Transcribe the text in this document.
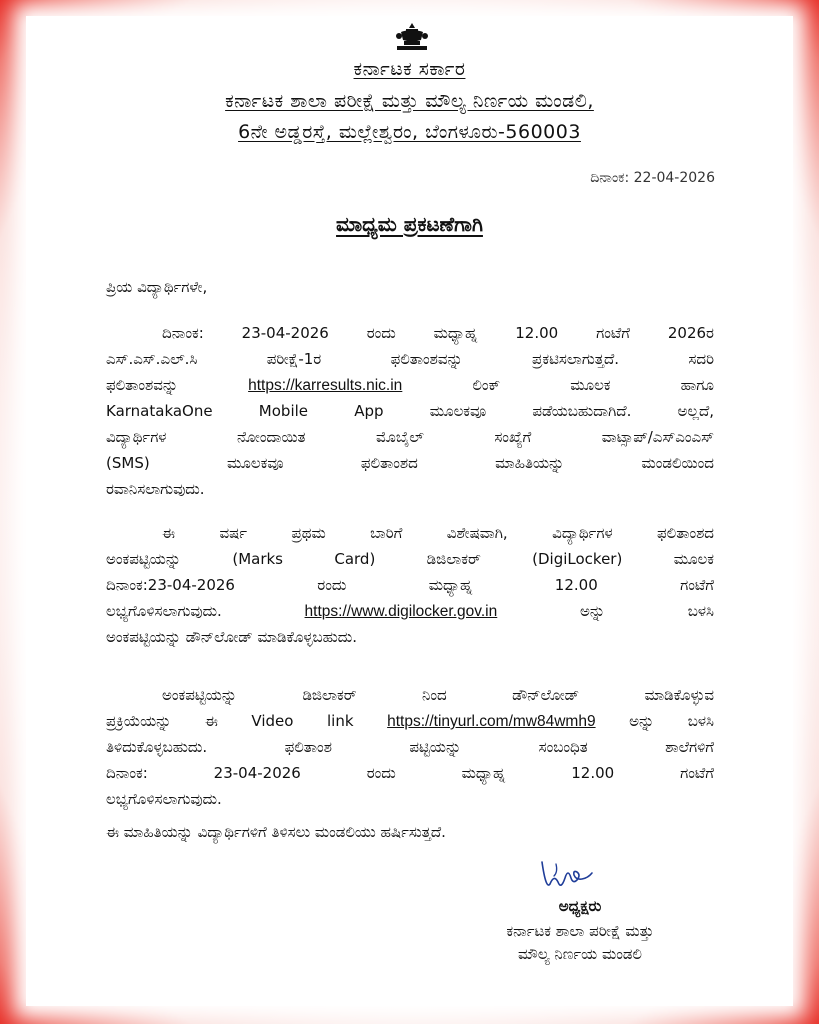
ಕರ್ನಾಟಕ ಸರ್ಕಾರ
ಕರ್ನಾಟಕ ಶಾಲಾ ಪರೀಕ್ಷೆ ಮತ್ತು ಮೌಲ್ಯ ನಿರ್ಣಯ ಮಂಡಲಿ,
6ನೇ ಅಡ್ಡರಸ್ತೆ, ಮಲ್ಲೇಶ್ವರಂ, ಬೆಂಗಳೂರು-560003
ದಿನಾಂಕ: 22-04-2026
ಮಾಧ್ಯಮ ಪ್ರಕಟಣೆಗಾಗಿ
ಪ್ರಿಯ ವಿದ್ಯಾರ್ಥಿಗಳೇ,
ದಿನಾಂಕ: 23-04-2026 ರಂದು ಮಧ್ಯಾಹ್ನ 12.00 ಗಂಟೆಗೆ 2026ರ
ಎಸ್.ಎಸ್.ಎಲ್.ಸಿ ಪರೀಕ್ಷೆ-1ರ ಫಲಿತಾಂಶವನ್ನು ಪ್ರಕಟಿಸಲಾಗುತ್ತದೆ. ಸದರಿ
ಫಲಿತಾಂಶವನ್ನು	https://karresults.nic.in	ಲಿಂಕ್ ಮೂಲಕ ಹಾಗೂ
KarnatakaOne Mobile App ಮೂಲಕವೂ ಪಡೆಯಬಹುದಾಗಿದೆ. ಅಲ್ಲದೆ,
ವಿದ್ಯಾರ್ಥಿಗಳ ನೋಂದಾಯಿತ ಮೊಬೈಲ್ ಸಂಖ್ಯೆಗೆ ವಾಟ್ಸಾಪ್/ಎಸ್‌ಎಂಎಸ್
(SMS) ಮೂಲಕವೂ ಫಲಿತಾಂಶದ ಮಾಹಿತಿಯನ್ನು ಮಂಡಲಿಯಿಂದ
ರವಾನಿಸಲಾಗುವುದು.
ಈ ವರ್ಷ ಪ್ರಥಮ ಬಾರಿಗೆ ವಿಶೇಷವಾಗಿ, ವಿದ್ಯಾರ್ಥಿಗಳ ಫಲಿತಾಂಶದ
ಅಂಕಪಟ್ಟಿಯನ್ನು (Marks Card) ಡಿಜಿಲಾಕರ್ (DigiLocker) ಮೂಲಕ
ದಿನಾಂಕ:23-04-2026 ರಂದು ಮಧ್ಯಾಹ್ನ 12.00 ಗಂಟೆಗೆ
ಲಭ್ಯಗೊಳಿಸಲಾಗುವುದು.	https://www.digilocker.gov.in	ಅನ್ನು ಬಳಸಿ
ಅಂಕಪಟ್ಟಿಯನ್ನು ಡೌನ್‌ಲೋಡ್ ಮಾಡಿಕೊಳ್ಳಬಹುದು.
ಅಂಕಪಟ್ಟಿಯನ್ನು ಡಿಜಿಲಾಕರ್ ನಿಂದ ಡೌನ್‌ಲೋಡ್ ಮಾಡಿಕೊಳ್ಳುವ
ಪ್ರಕ್ರಿಯೆಯನ್ನು ಈ Video link https://tinyurl.com/mw84wmh9 ಅನ್ನು ಬಳಸಿ
ತಿಳಿದುಕೊಳ್ಳಬಹುದು. ಫಲಿತಾಂಶ ಪಟ್ಟಿಯನ್ನು ಸಂಬಂಧಿತ ಶಾಲೆಗಳಿಗೆ
ದಿನಾಂಕ: 23-04-2026 ರಂದು ಮಧ್ಯಾಹ್ನ 12.00 ಗಂಟೆಗೆ
ಲಭ್ಯಗೊಳಿಸಲಾಗುವುದು.
ಈ ಮಾಹಿತಿಯನ್ನು ವಿದ್ಯಾರ್ಥಿಗಳಿಗೆ ತಿಳಿಸಲು ಮಂಡಲಿಯು ಹರ್ಷಿಸುತ್ತದೆ.
ಅಧ್ಯಕ್ಷರು
ಕರ್ನಾಟಕ ಶಾಲಾ ಪರೀಕ್ಷೆ ಮತ್ತು
ಮೌಲ್ಯ ನಿರ್ಣಯ ಮಂಡಲಿ
